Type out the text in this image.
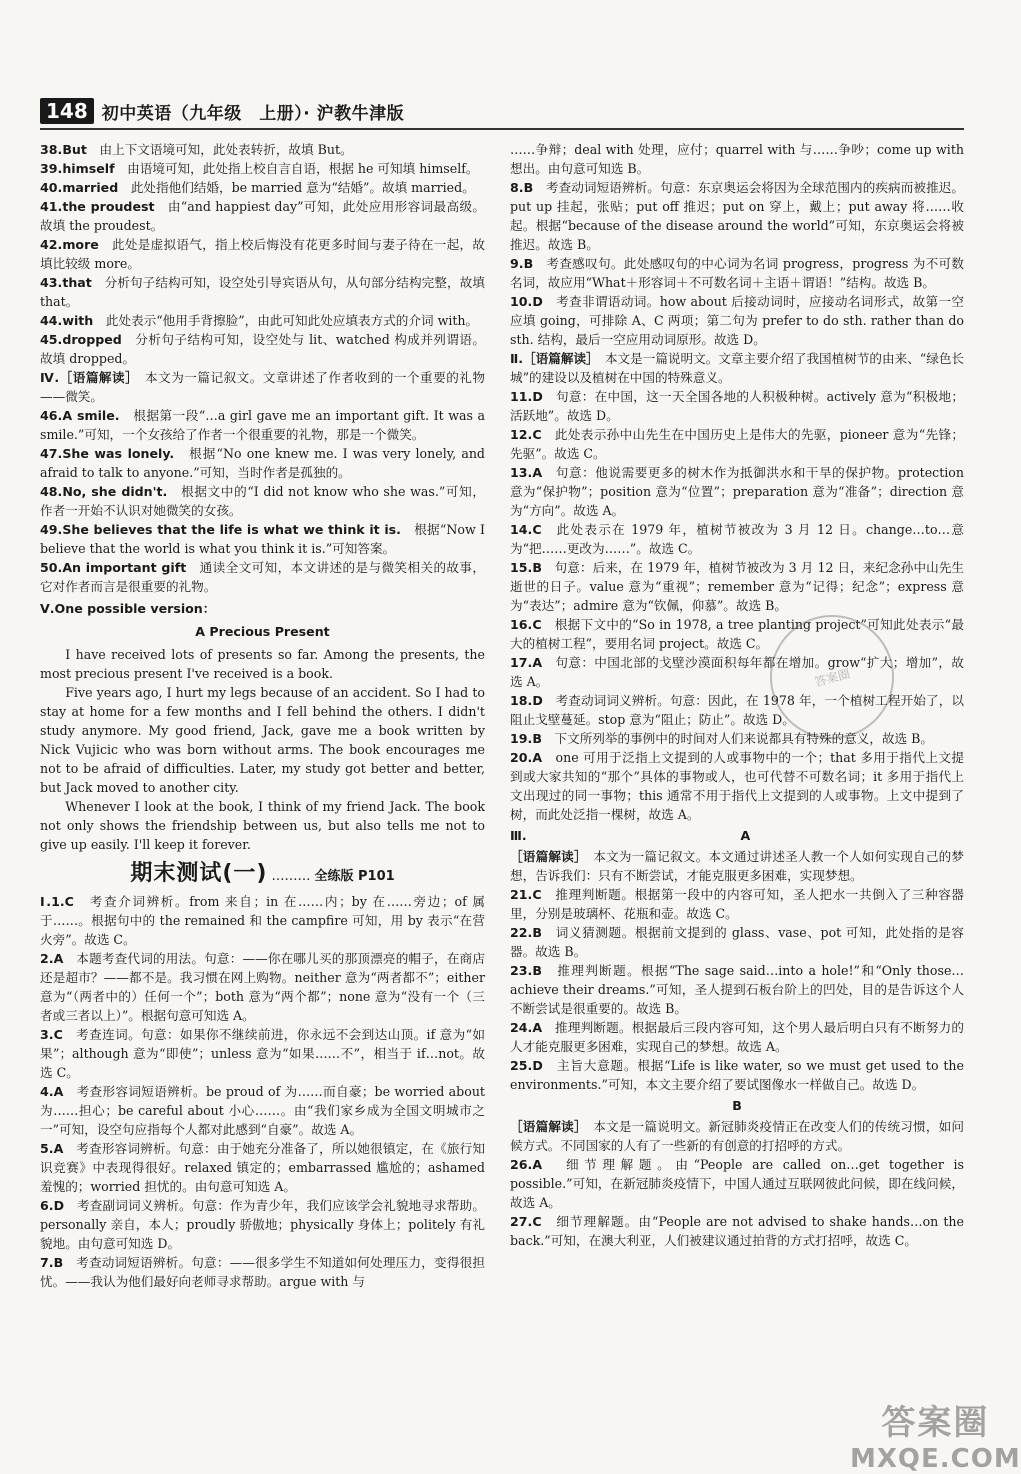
148 初中英语（九年级　上册）· 沪教牛津版

38.But　由上下文语境可知，此处表转折，故填 But。

39.himself　由语境可知，此处指上校自言自语，根据 he 可知填 himself。

40.married　此处指他们结婚，be married 意为“结婚”。故填 married。

41.the proudest　由“and happiest day”可知，此处应用形容词最高级。故填 the proudest。

42.more　此处是虚拟语气，指上校后悔没有花更多时间与妻子待在一起，故填比较级 more。

43.that　分析句子结构可知，设空处引导宾语从句，从句部分结构完整，故填 that。

44.with　此处表示“他用手背擦脸”，由此可知此处应填表方式的介词 with。

45.dropped　分析句子结构可知，设空处与 lit、watched 构成并列谓语。故填 dropped。

Ⅳ.［语篇解读］　本文为一篇记叙文。文章讲述了作者收到的一个重要的礼物——微笑。

46.A smile.　根据第一段“…a girl gave me an important gift. It was a smile.”可知，一个女孩给了作者一个很重要的礼物，那是一个微笑。

47.She was lonely.　根据“No one knew me. I was very lonely, and afraid to talk to anyone.”可知，当时作者是孤独的。

48.No, she didn't.　根据文中的“I did not know who she was.”可知，作者一开始不认识对她微笑的女孩。

49.She believes that the life is what we think it is.　根据“Now I believe that the world is what you think it is.”可知答案。

50.An important gift　通读全文可知，本文讲述的是与微笑相关的故事，它对作者而言是很重要的礼物。

Ⅴ.One possible version：
A Precious Present

I have received lots of presents so far. Among the presents, the most precious present I've received is a book.

Five years ago, I hurt my legs because of an accident. So I had to stay at home for a few months and I fell behind the others. I didn't study anymore. My good friend, Jack, gave me a book written by Nick Vujicic who was born without arms. The book encourages me not to be afraid of difficulties. Later, my study got better and better, but Jack moved to another city.

Whenever I look at the book, I think of my friend Jack. The book not only shows the friendship between us, but also tells me not to give up easily. I'll keep it forever.

期末测试(一) ……… 全练版 P101

Ⅰ.1.C　考查介词辨析。from 来自；in 在……内；by 在……旁边；of 属于……。根据句中的 the remained 和 the campfire 可知，用 by 表示“在营火旁”。故选 C。

2.A　本题考查代词的用法。句意：——你在哪儿买的那顶漂亮的帽子，在商店还是超市？——都不是。我习惯在网上购物。neither 意为“两者都不”；either 意为“（两者中的）任何一个”；both 意为“两个都”；none 意为“没有一个（三者或三者以上）”。根据句意可知选 A。

3.C　考查连词。句意：如果你不继续前进，你永远不会到达山顶。if 意为“如果”；although 意为“即使”；unless 意为“如果……不”，相当于 if…not。故选 C。

4.A　考查形容词短语辨析。be proud of 为……而自豪；be worried about 为……担心；be careful about 小心……。由“我们家乡成为全国文明城市之一”可知，设空句应指每个人都对此感到“自豪”。故选 A。

5.A　考查形容词辨析。句意：由于她充分准备了，所以她很镇定，在《旅行知识竞赛》中表现得很好。relaxed 镇定的；embarrassed 尴尬的；ashamed 羞愧的；worried 担忧的。由句意可知选 A。

6.D　考查副词词义辨析。句意：作为青少年，我们应该学会礼貌地寻求帮助。personally 亲自，本人；proudly 骄傲地；physically 身体上；politely 有礼貌地。由句意可知选 D。

7.B　考查动词短语辨析。句意：——很多学生不知道如何处理压力，变得很担忧。——我认为他们最好向老师寻求帮助。argue with 与

……争辩；deal with 处理，应付；quarrel with 与……争吵；come up with 想出。由句意可知选 B。

8.B　考查动词短语辨析。句意：东京奥运会将因为全球范围内的疾病而被推迟。put up 挂起，张贴；put off 推迟；put on 穿上，戴上；put away 将……收起。根据“because of the disease around the world”可知，东京奥运会将被推迟。故选 B。

9.B　考查感叹句。此处感叹句的中心词为名词 progress，progress 为不可数名词，故应用“What＋形容词＋不可数名词＋主语＋谓语！”结构。故选 B。

10.D　考查非谓语动词。how about 后接动词时，应接动名词形式，故第一空应填 going，可排除 A、C 两项；第二句为 prefer to do sth. rather than do sth. 结构，最后一空应用动词原形。故选 D。

Ⅱ.［语篇解读］　本文是一篇说明文。文章主要介绍了我国植树节的由来、“绿色长城”的建设以及植树在中国的特殊意义。

11.D　句意：在中国，这一天全国各地的人积极种树。actively 意为“积极地；活跃地”。故选 D。

12.C　此处表示孙中山先生在中国历史上是伟大的先驱，pioneer 意为“先锋；先驱”。故选 C。

13.A　句意：他说需要更多的树木作为抵御洪水和干旱的保护物。protection 意为“保护物”；position 意为“位置”；preparation 意为“准备”；direction 意为“方向”。故选 A。

14.C　此处表示在 1979 年，植树节被改为 3 月 12 日。change…to…意为“把……更改为……”。故选 C。

15.B　句意：后来，在 1979 年，植树节被改为 3 月 12 日，来纪念孙中山先生逝世的日子。value 意为“重视”；remember 意为“记得；纪念”；express 意为“表达”；admire 意为“钦佩，仰慕”。故选 B。

16.C　根据下文中的“So in 1978, a tree planting project”可知此处表示“最大的植树工程”，要用名词 project。故选 C。

17.A　句意：中国北部的戈壁沙漠面积每年都在增加。grow“扩大；增加”，故选 A。

18.D　考查动词词义辨析。句意：因此，在 1978 年，一个植树工程开始了，以阻止戈壁蔓延。stop 意为“阻止；防止”。故选 D。

19.B　下文所列举的事例中的时间对人们来说都具有特殊的意义，故选 B。

20.A　one 可用于泛指上文提到的人或事物中的一个；that 多用于指代上文提到或大家共知的“那个”具体的事物或人，也可代替不可数名词；it 多用于指代上文出现过的同一事物；this 通常不用于指代上文提到的人或事物。上文中提到了树，而此处泛指一棵树，故选 A。

Ⅲ.	A

［语篇解读］　本文为一篇记叙文。本文通过讲述圣人教一个人如何实现自己的梦想，告诉我们：只有不断尝试，才能克服更多困难，实现梦想。

21.C　推理判断题。根据第一段中的内容可知，圣人把水一共倒入了三种容器里，分别是玻璃杯、花瓶和壶。故选 C。

22.B　词义猜测题。根据前文提到的 glass、vase、pot 可知，此处指的是容器。故选 B。

23.B　推理判断题。根据“The sage said…into a hole!”和“Only those…achieve their dreams.”可知，圣人提到石板台阶上的凹处，目的是告诉这个人不断尝试是很重要的。故选 B。

24.A　推理判断题。根据最后三段内容可知，这个男人最后明白只有不断努力的人才能克服更多困难，实现自己的梦想。故选 A。

25.D　主旨大意题。根据“Life is like water, so we must get used to the environments.”可知，本文主要介绍了要试图像水一样做自己。故选 D。

B

［语篇解读］　本文是一篇说明文。新冠肺炎疫情正在改变人们的传统习惯，如问候方式。不同国家的人有了一些新的有创意的打招呼的方式。

26.A　细节理解题。由“People are called on…get together is possible.”可知，在新冠肺炎疫情下，中国人通过互联网彼此问候，即在线问候，故选 A。

27.C　细节理解题。由“People are not advised to shake hands…on the back.”可知，在澳大利亚，人们被建议通过拍背的方式打招呼，故选 C。

答案圈
答案圈
MXQE.COM
